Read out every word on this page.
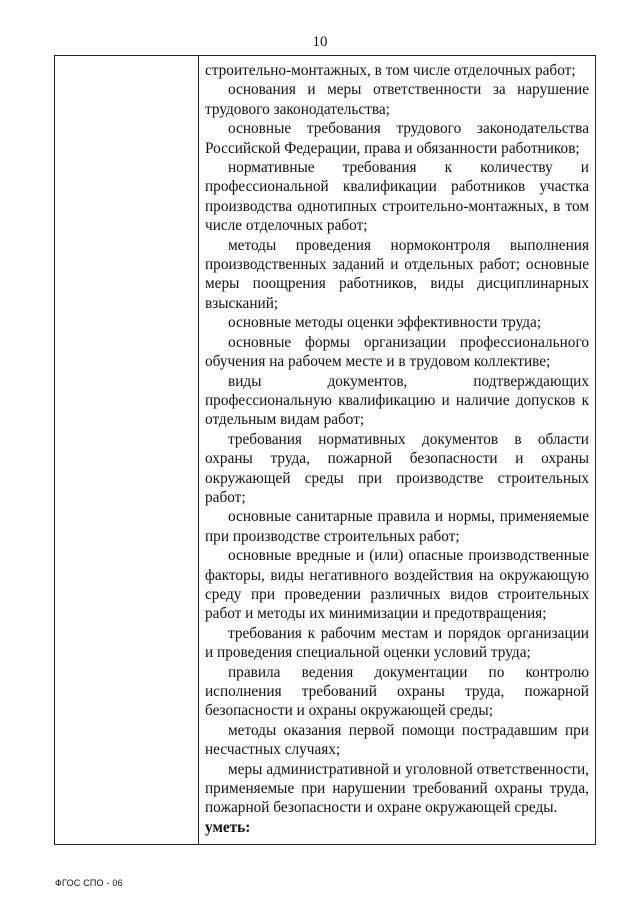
10

строительно-монтажных, в том числе отделочных работ;

основания и меры ответственности за нарушение трудового законодательства;

основные требования трудового законодательства Российской Федерации, права и обязанности работников;

нормативные требования к количеству и профессиональной квалификации работников участка производства однотипных строительно-монтажных, в том числе отделочных работ;

методы проведения нормоконтроля выполнения производственных заданий и отдельных работ; основные меры поощрения работников, виды дисциплинарных взысканий;

основные методы оценки эффективности труда;

основные формы организации профессионального обучения на рабочем месте и в трудовом коллективе;

виды документов, подтверждающих профессиональную квалификацию и наличие допусков к отдельным видам работ;

требования нормативных документов в области охраны труда, пожарной безопасности и охраны окружающей среды при производстве строительных работ;

основные санитарные правила и нормы, применяемые при производстве строительных работ;

основные вредные и (или) опасные производственные факторы, виды негативного воздействия на окружающую среду при проведении различных видов строительных работ и методы их минимизации и предотвращения;

требования к рабочим местам и порядок организации и проведения специальной оценки условий труда;

правила ведения документации по контролю исполнения требований охраны труда, пожарной безопасности и охраны окружающей среды;

методы оказания первой помощи пострадавшим при несчастных случаях;

меры административной и уголовной ответственности, применяемые при нарушении требований охраны труда, пожарной безопасности и охране окружающей среды.

уметь:

ФГОС СПО - 06
